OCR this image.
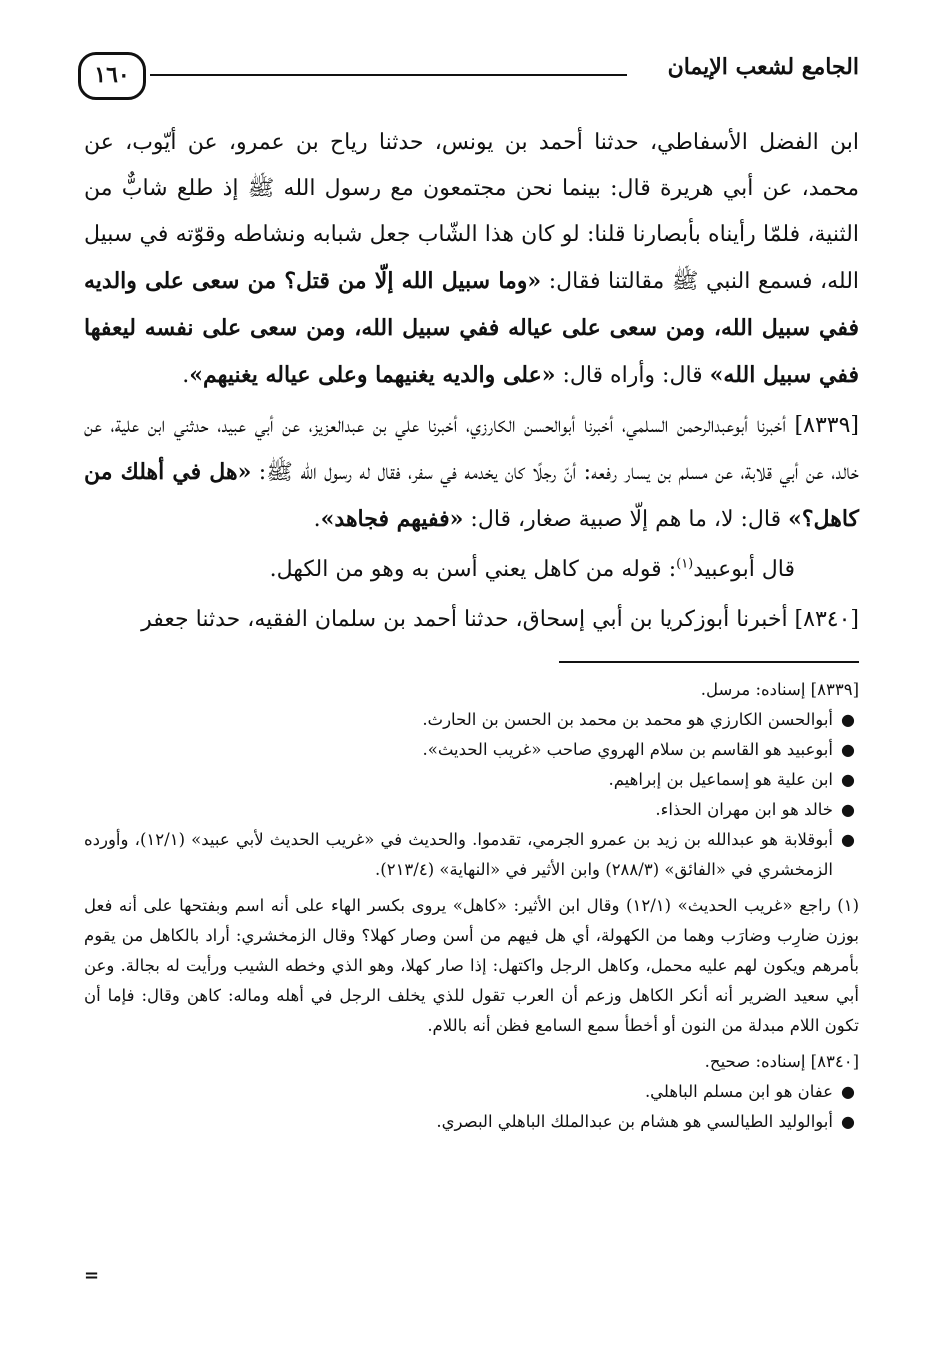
الجامع لشعب الإيمان
١٦٠

ابن الفضل الأسفاطي، حدثنا أحمد بن يونس، حدثنا رياح بن عمرو، عن أيّوب، عن محمد، عن أبي هريرة قال: بينما نحن مجتمعون مع رسول الله ﷺ إذ طلع شابٌّ من الثنية، فلمّا رأيناه بأبصارنا قلنا: لو كان هذا الشّاب جعل شبابه ونشاطه وقوّته في سبيل الله، فسمع النبي ﷺ مقالتنا فقال: «وما سبيل الله إلّا من قتل؟ من سعى على والديه ففي سبيل الله، ومن سعى على عياله ففي سبيل الله، ومن سعى على نفسه ليعفها ففي سبيل الله» قال: وأراه قال: «على والديه يغنيهما وعلى عياله يغنيهم».

[٨٣٣٩] أخبرنا أبوعبدالرحمن السلمي، أخبرنا أبوالحسن الكارزي، أخبرنا علي بن عبدالعزيز، عن أبي عبيد، حدثني ابن علية، عن خالد، عن أبي قلابة، عن مسلم بن يسار رفعه: أنّ رجلًا كان يخدمه في سفر، فقال له رسول الله ﷺ: «هل في أهلك من كاهل؟» قال: لا، ما هم إلّا صبية صغار، قال: «ففيهم فجاهد».

قال أبوعبيد$^{(١)}$: قوله من كاهل يعني أسن به وهو من الكهل.

[٨٣٤٠] أخبرنا أبوزكريا بن أبي إسحاق، حدثنا أحمد بن سلمان الفقيه، حدثنا جعفر

[٨٣٣٩] إسناده: مرسل.

●
أبوالحسن الكارزي هو محمد بن محمد بن الحسن بن الحارث.
●
أبوعبيد هو القاسم بن سلام الهروي صاحب «غريب الحديث».
●
ابن علية هو إسماعيل بن إبراهيم.
●
خالد هو ابن مهران الحذاء.
●
أبوقلابة هو عبدالله بن زيد بن عمرو الجرمي، تقدموا. والحديث في «غريب الحديث لأبي عبيد» (١٢/١)، وأورده الزمخشري في «الفائق» (٢٨٨/٣) وابن الأثير في «النهاية» (٢١٣/٤).

(١) راجع «غريب الحديث» (١٢/١) وقال ابن الأثير: «كاهل» يروى بكسر الهاء على أنه اسم وبفتحها على أنه فعل بوزن ضارِب وضارَب وهما من الكهولة، أي هل فيهم من أسن وصار كهلا؟ وقال الزمخشري: أراد بالكاهل من يقوم بأمرهم ويكون لهم عليه محمل، وكاهل الرجل واكتهل: إذا صار كهلا، وهو الذي وخطه الشيب ورأيت له بجالة. وعن أبي سعيد الضرير أنه أنكر الكاهل وزعم أن العرب تقول للذي يخلف الرجل في أهله وماله: كاهن وقال: فإما أن تكون اللام مبدلة من النون أو أخطأ سمع السامع فظن أنه باللام.

[٨٣٤٠] إسناده: صحيح.

●
عفان هو ابن مسلم الباهلي.
●
أبوالوليد الطيالسي هو هشام بن عبدالملك الباهلي البصري.
=
